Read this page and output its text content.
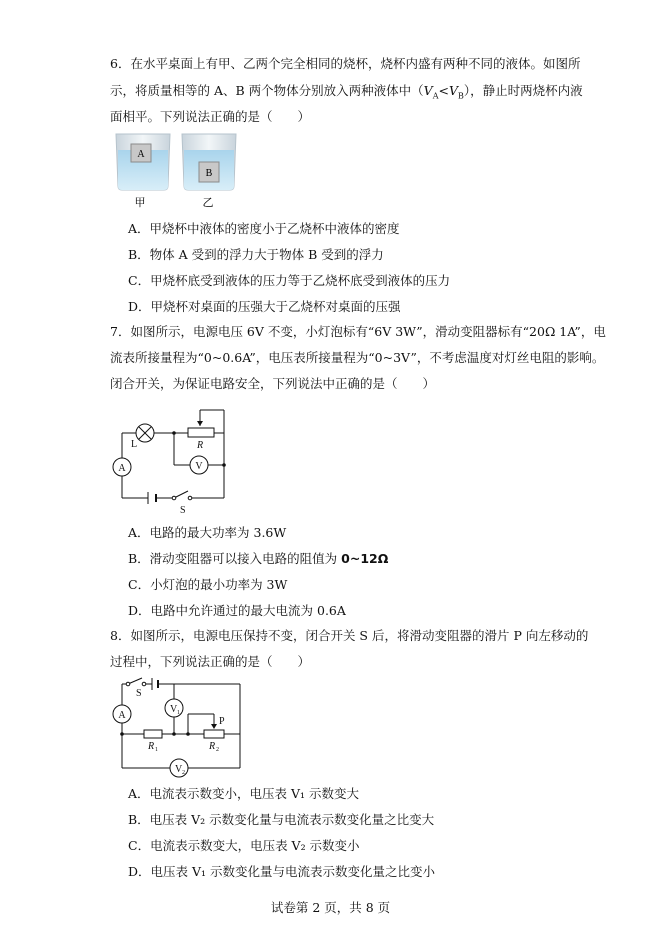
6．在水平桌面上有甲、乙两个完全相同的烧杯，烧杯内盛有两种不同的液体。如图所
示，将质量相等的 A、B 两个物体分别放入两种液体中$(V_A<V_B)$，静止时两烧杯内液
面相平。下列说法正确的是（　　）
A
B
甲	乙
A．甲烧杯中液体的密度小于乙烧杯中液体的密度
B．物体 A 受到的浮力大于物体 B 受到的浮力
C．甲烧杯底受到液体的压力等于乙烧杯底受到液体的压力
D．甲烧杯对桌面的压强大于乙烧杯对桌面的压强
7．如图所示，电源电压 6V 不变，小灯泡标有“6V 3W”，滑动变阻器标有“20Ω 1A”，电
流表所接量程为“0~0.6A”，电压表所接量程为“0~3V”，不考虑温度对灯丝电阻的影响。
闭合开关，为保证电路安全，下列说法中正确的是（　　）
L	R
A	V
S
A．电路的最大功率为 3.6W
B．滑动变阻器可以接入电路的阻值为 0~12Ω
C．小灯泡的最小功率为 3W
D．电路中允许通过的最大电流为 0.6A
8．如图所示，电源电压保持不变，闭合开关 S 后，将滑动变阻器的滑片 P 向左移动的
过程中，下列说法正确的是（　　）
S
A
V 1
V 2
R 1	R 2
P
A．电流表示数变小，电压表 V₁ 示数变大
B．电压表 V₂ 示数变化量与电流表示数变化量之比变大
C．电流表示数变大，电压表 V₂ 示数变小
D．电压表 V₁ 示数变化量与电流表示数变化量之比变小
试卷第 2 页，共 8 页
